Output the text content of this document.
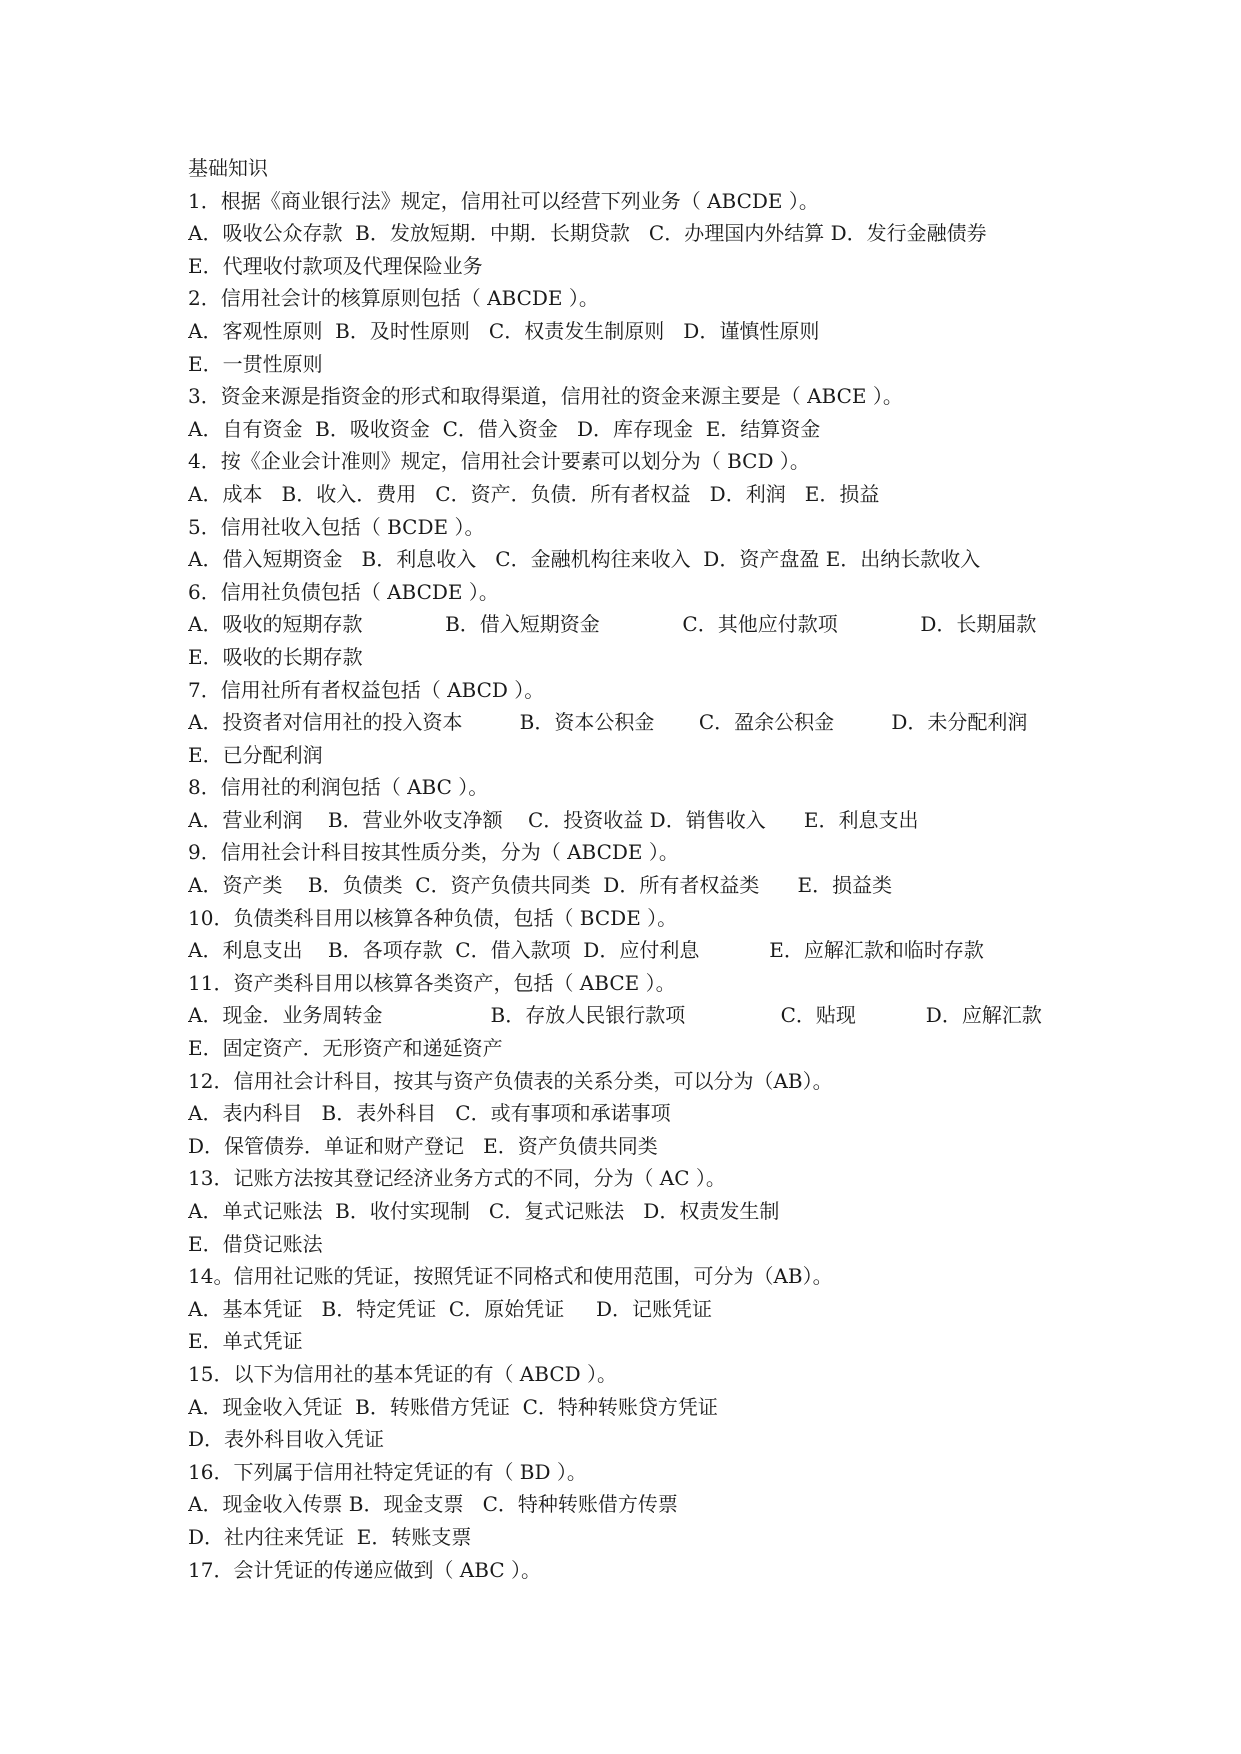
基础知识
1．根据《商业银行法》规定，信用社可以经营下列业务（ ABCDE ）。
A．吸收公众存款  B．发放短期．中期．长期贷款   C．办理国内外结算 D．发行金融债券
E．代理收付款项及代理保险业务
2．信用社会计的核算原则包括（ ABCDE ）。
A．客观性原则  B．及时性原则   C．权责发生制原则   D．谨慎性原则
E．一贯性原则
3．资金来源是指资金的形式和取得渠道，信用社的资金来源主要是（ ABCE ）。
A．自有资金  B．吸收资金  C．借入资金   D．库存现金  E．结算资金
4．按《企业会计准则》规定，信用社会计要素可以划分为（ BCD ）。
A．成本   B．收入．费用   C．资产．负债．所有者权益   D．利润   E．损益
5．信用社收入包括（ BCDE ）。
A．借入短期资金   B．利息收入   C．金融机构往来收入  D．资产盘盈 E．出纳长款收入
6．信用社负债包括（ ABCDE ）。
A．吸收的短期存款             B．借入短期资金             C．其他应付款项             D．长期届款
E．吸收的长期存款
7．信用社所有者权益包括（ ABCD ）。
A．投资者对信用社的投入资本         B．资本公积金       C．盈余公积金         D．未分配利润
E．已分配利润
8．信用社的利润包括（ ABC ）。
A．营业利润    B．营业外收支净额    C．投资收益 D．销售收入      E．利息支出
9．信用社会计科目按其性质分类，分为（ ABCDE ）。
A．资产类    B．负债类  C．资产负债共同类  D．所有者权益类      E．损益类
10．负债类科目用以核算各种负债，包括（ BCDE ）。
A．利息支出    B．各项存款  C．借入款项  D．应付利息           E．应解汇款和临时存款
11．资产类科目用以核算各类资产，包括（ ABCE ）。
A．现金．业务周转金                 B．存放人民银行款项               C．贴现           D．应解汇款
E．固定资产．无形资产和递延资产
12．信用社会计科目，按其与资产负债表的关系分类，可以分为（AB）。
A．表内科目   B．表外科目   C．或有事项和承诺事项
D．保管债券．单证和财产登记   E．资产负债共同类
13．记账方法按其登记经济业务方式的不同，分为（ AC ）。
A．单式记账法  B．收付实现制   C．复式记账法   D．权责发生制
E．借贷记账法
14。信用社记账的凭证，按照凭证不同格式和使用范围，可分为（AB）。
A．基本凭证   B．特定凭证  C．原始凭证     D．记账凭证
E．单式凭证
15．以下为信用社的基本凭证的有（ ABCD ）。
A．现金收入凭证  B．转账借方凭证  C．特种转账贷方凭证
D．表外科目收入凭证
16．下列属于信用社特定凭证的有（ BD ）。
A．现金收入传票 B．现金支票   C．特种转账借方传票
D．社内往来凭证  E．转账支票
17．会计凭证的传递应做到（ ABC ）。
